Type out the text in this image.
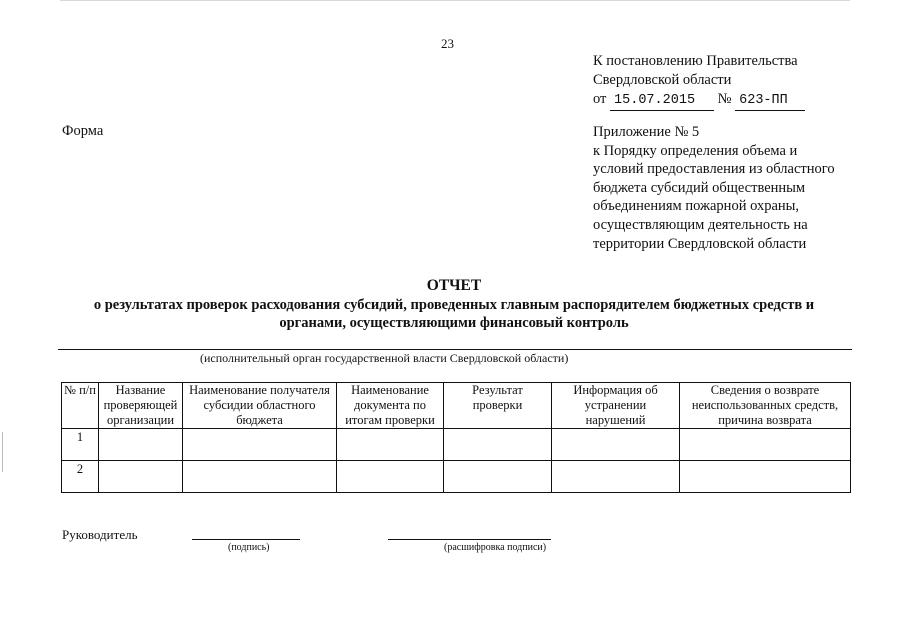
23
К постановлению Правительства
Свердловской области
от 15.07.2015 № 623-ПП
Форма	Приложение № 5
к Порядку определения объема и
условий предоставления из областного
бюджета субсидий общественным
объединениям пожарной охраны,
осуществляющим деятельность на
территории Свердловской области
ОТЧЕТ
о результатах проверок расходования субсидий, проведенных главным распорядителем бюджетных средств и
органами, осуществляющими финансовый контроль
(исполнительный орган государственной власти Свердловской области)
№ п/п	Название проверяющей организации	Наименование получателя субсидии областного бюджета	Наименование документа по итогам проверки	Результат проверки	Информация об устранении нарушений	Сведения о возврате неиспользованных средств, причина возврата
1						
2						
Руководитель
(подпись)	(расшифровка подписи)
